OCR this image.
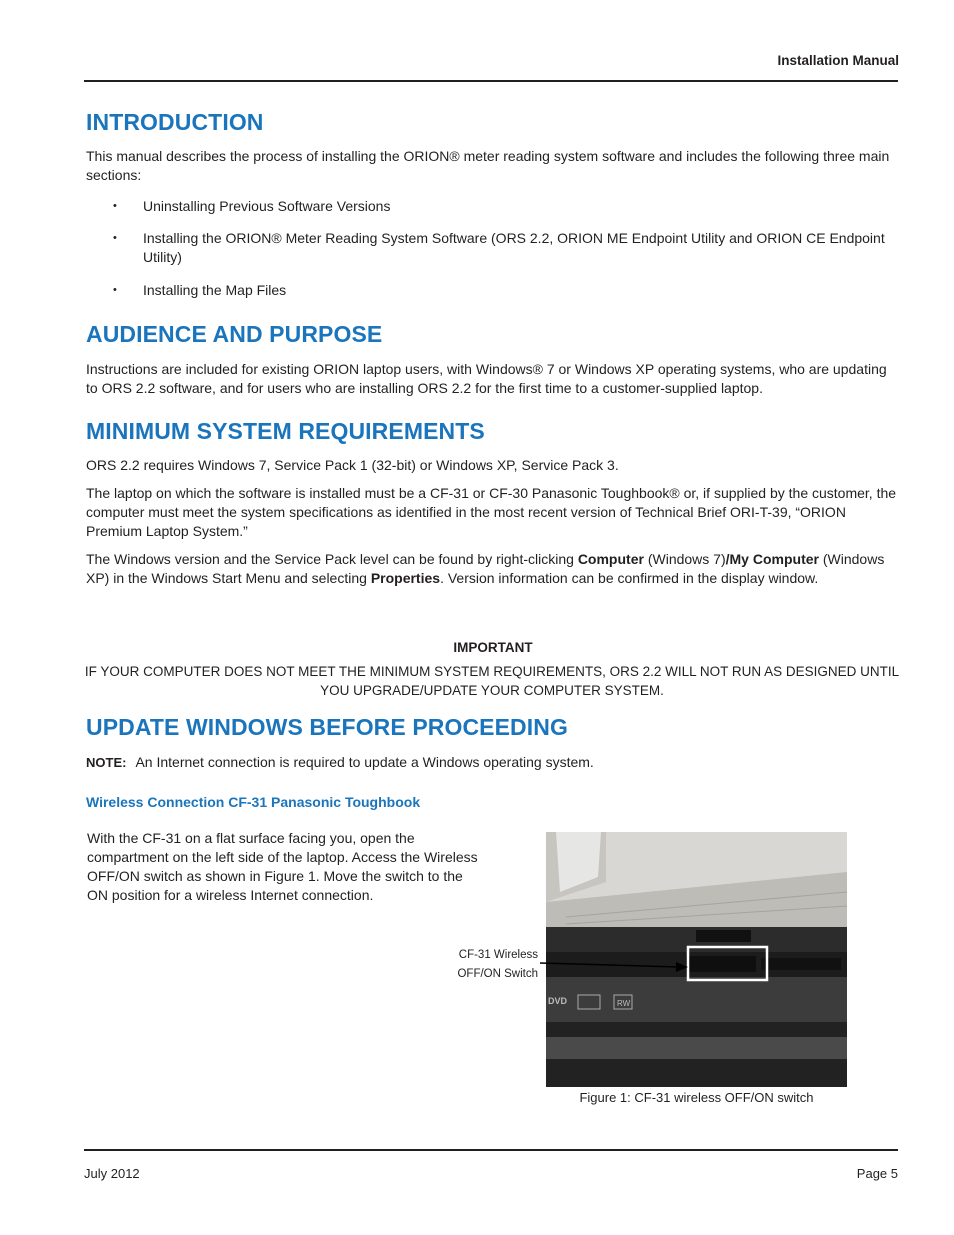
Installation Manual
INTRODUCTION

This manual describes the process of installing the ORION® meter reading system software and includes the following three main sections:

• Uninstalling Previous Software Versions
• Installing the ORION® Meter Reading System Software (ORS 2.2, ORION ME Endpoint Utility and ORION CE Endpoint Utility)
• Installing the Map Files
AUDIENCE AND PURPOSE

Instructions are included for existing ORION laptop users, with Windows® 7 or Windows XP operating systems, who are updating to ORS 2.2 software, and for users who are installing ORS 2.2 for the first time to a customer-supplied laptop.

MINIMUM SYSTEM REQUIREMENTS

ORS 2.2 requires Windows 7, Service Pack 1 (32-bit) or Windows XP, Service Pack 3.

The laptop on which the software is installed must be a CF-31 or CF-30 Panasonic Toughbook® or, if supplied by the customer, the computer must meet the system specifications as identified in the most recent version of Technical Brief ORI-T-39, “ORION Premium Laptop System.”

The Windows version and the Service Pack level can be found by right-clicking Computer (Windows 7)/My Computer (Windows XP) in the Windows Start Menu and selecting Properties. Version information can be confirmed in the display window.

IMPORTANT

IF YOUR COMPUTER DOES NOT MEET THE MINIMUM SYSTEM REQUIREMENTS, ORS 2.2 WILL NOT RUN AS DESIGNED UNTIL YOU UPGRADE/UPDATE YOUR COMPUTER SYSTEM.

UPDATE WINDOWS BEFORE PROCEEDING

NOTE: An Internet connection is required to update a Windows operating system.

Wireless Connection CF-31 Panasonic Toughbook

With the CF-31 on a flat surface facing you, open the compartment on the left side of the laptop. Access the Wireless OFF/ON switch as shown in Figure 1. Move the switch to the ON position for a wireless Internet connection.

CF-31 Wireless
OFF/ON Switch
DVD	RW
Figure 1: CF-31 wireless OFF/ON switch
July 2012	Page 5
